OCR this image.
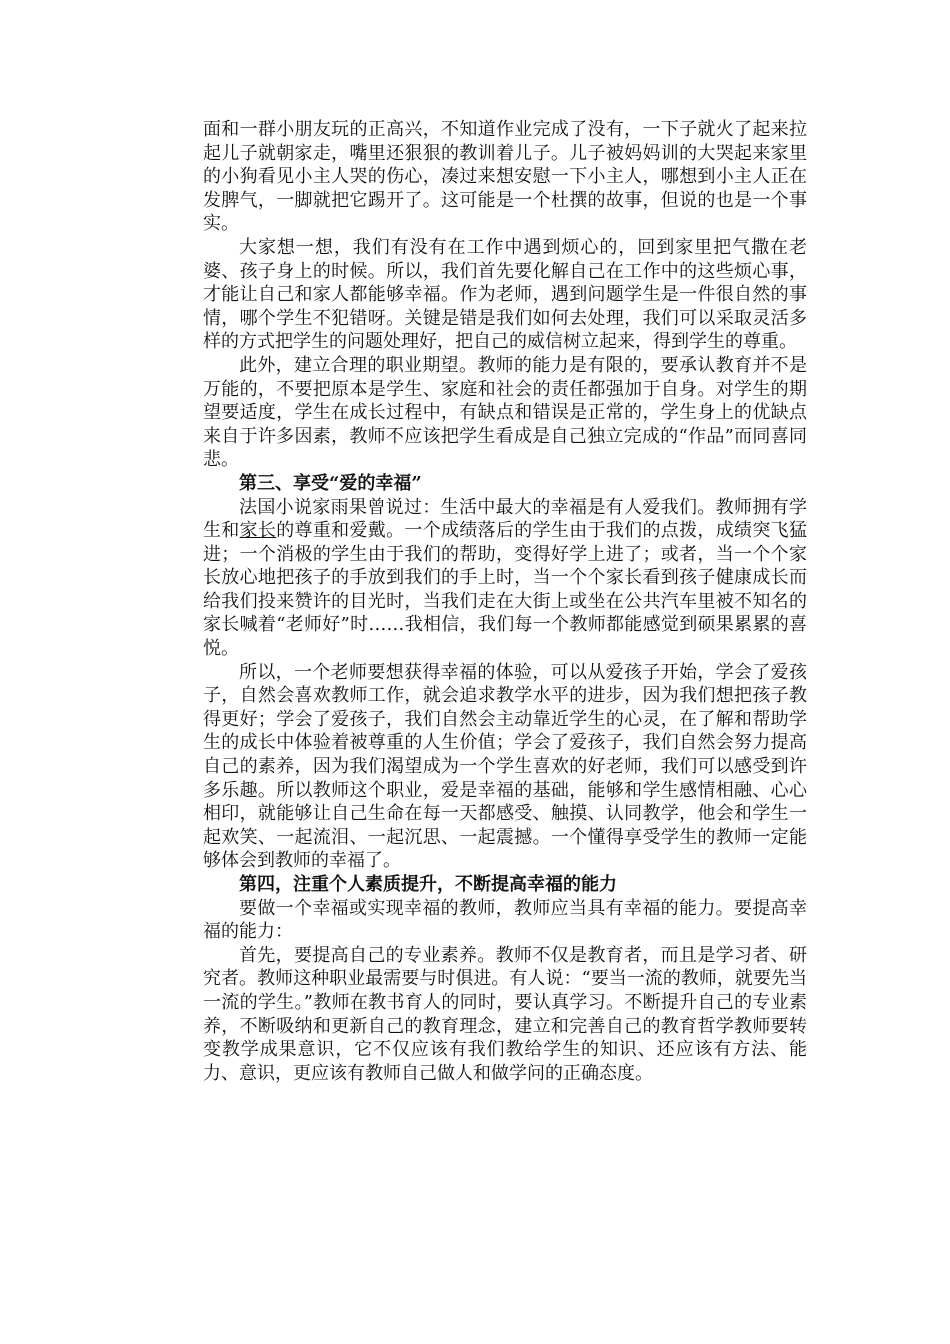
面和一群小朋友玩的正高兴，不知道作业完成了没有，一下子就火了起来拉起儿子就朝家走，嘴里还狠狠的教训着儿子。儿子被妈妈训的大哭起来家里的小狗看见小主人哭的伤心，凑过来想安慰一下小主人，哪想到小主人正在发脾气，一脚就把它踢开了。这可能是一个杜撰的故事，但说的也是一个事实。

大家想一想，我们有没有在工作中遇到烦心的，回到家里把气撒在老婆、孩子身上的时候。所以，我们首先要化解自己在工作中的这些烦心事，才能让自己和家人都能够幸福。作为老师，遇到问题学生是一件很自然的事情，哪个学生不犯错呀。关键是错是我们如何去处理，我们可以采取灵活多样的方式把学生的问题处理好，把自己的威信树立起来，得到学生的尊重。

此外，建立合理的职业期望。教师的能力是有限的，要承认教育并不是万能的，不要把原本是学生、家庭和社会的责任都强加于自身。对学生的期望要适度，学生在成长过程中，有缺点和错误是正常的，学生身上的优缺点来自于许多因素，教师不应该把学生看成是自己独立完成的“作品”而同喜同悲。

第三、享受“爱的幸福”

法国小说家雨果曾说过：生活中最大的幸福是有人爱我们。教师拥有学生和家长的尊重和爱戴。一个成绩落后的学生由于我们的点拨，成绩突飞猛进；一个消极的学生由于我们的帮助，变得好学上进了；或者，当一个个家长放心地把孩子的手放到我们的手上时，当一个个家长看到孩子健康成长而给我们投来赞许的目光时，当我们走在大街上或坐在公共汽车里被不知名的家长喊着“老师好”时……我相信，我们每一个教师都能感觉到硕果累累的喜悦。

所以，一个老师要想获得幸福的体验，可以从爱孩子开始，学会了爱孩子，自然会喜欢教师工作，就会追求教学水平的进步，因为我们想把孩子教得更好；学会了爱孩子，我们自然会主动靠近学生的心灵，在了解和帮助学生的成长中体验着被尊重的人生价值；学会了爱孩子，我们自然会努力提高自己的素养，因为我们渴望成为一个学生喜欢的好老师，我们可以感受到许多乐趣。所以教师这个职业，爱是幸福的基础，能够和学生感情相融、心心相印，就能够让自己生命在每一天都感受、触摸、认同教学，他会和学生一起欢笑、一起流泪、一起沉思、一起震撼。一个懂得享受学生的教师一定能够体会到教师的幸福了。

第四，注重个人素质提升，不断提高幸福的能力

要做一个幸福或实现幸福的教师，教师应当具有幸福的能力。要提高幸福的能力：

首先，要提高自己的专业素养。教师不仅是教育者，而且是学习者、研究者。教师这种职业最需要与时俱进。有人说：“要当一流的教师，就要先当一流的学生。”教师在教书育人的同时，要认真学习。不断提升自己的专业素养，不断吸纳和更新自己的教育理念，建立和完善自己的教育哲学教师要转变教学成果意识，它不仅应该有我们教给学生的知识、还应该有方法、能力、意识，更应该有教师自己做人和做学问的正确态度。
